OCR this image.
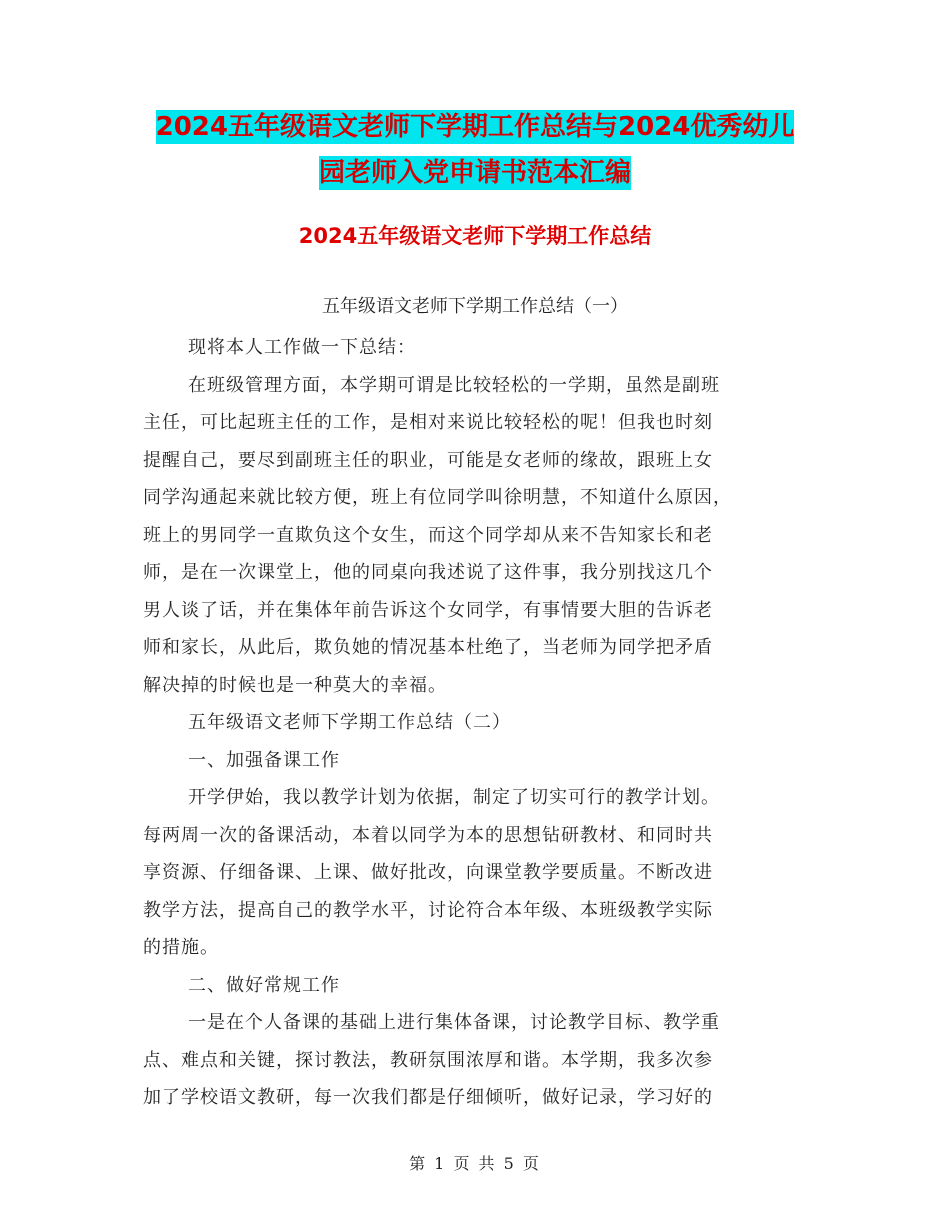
2024五年级语文老师下学期工作总结与2024优秀幼儿
园老师入党申请书范本汇编
2024五年级语文老师下学期工作总结
五年级语文老师下学期工作总结（一）
现将本人工作做一下总结：
在班级管理方面，本学期可谓是比较轻松的一学期，虽然是副班
主任，可比起班主任的工作，是相对来说比较轻松的呢！但我也时刻
提醒自己，要尽到副班主任的职业，可能是女老师的缘故，跟班上女
同学沟通起来就比较方便，班上有位同学叫徐明慧，不知道什么原因，
班上的男同学一直欺负这个女生，而这个同学却从来不告知家长和老
师，是在一次课堂上，他的同桌向我述说了这件事，我分别找这几个
男人谈了话，并在集体年前告诉这个女同学，有事情要大胆的告诉老
师和家长，从此后，欺负她的情况基本杜绝了，当老师为同学把矛盾
解决掉的时候也是一种莫大的幸福。
五年级语文老师下学期工作总结（二）
一、加强备课工作
开学伊始，我以教学计划为依据，制定了切实可行的教学计划。
每两周一次的备课活动，本着以同学为本的思想钻研教材、和同时共
享资源、仔细备课、上课、做好批改，向课堂教学要质量。不断改进
教学方法，提高自己的教学水平，讨论符合本年级、本班级教学实际
的措施。
二、做好常规工作
一是在个人备课的基础上进行集体备课，讨论教学目标、教学重
点、难点和关键，探讨教法，教研氛围浓厚和谐。本学期，我多次参
加了学校语文教研，每一次我们都是仔细倾听，做好记录，学习好的
第 1 页 共 5 页
